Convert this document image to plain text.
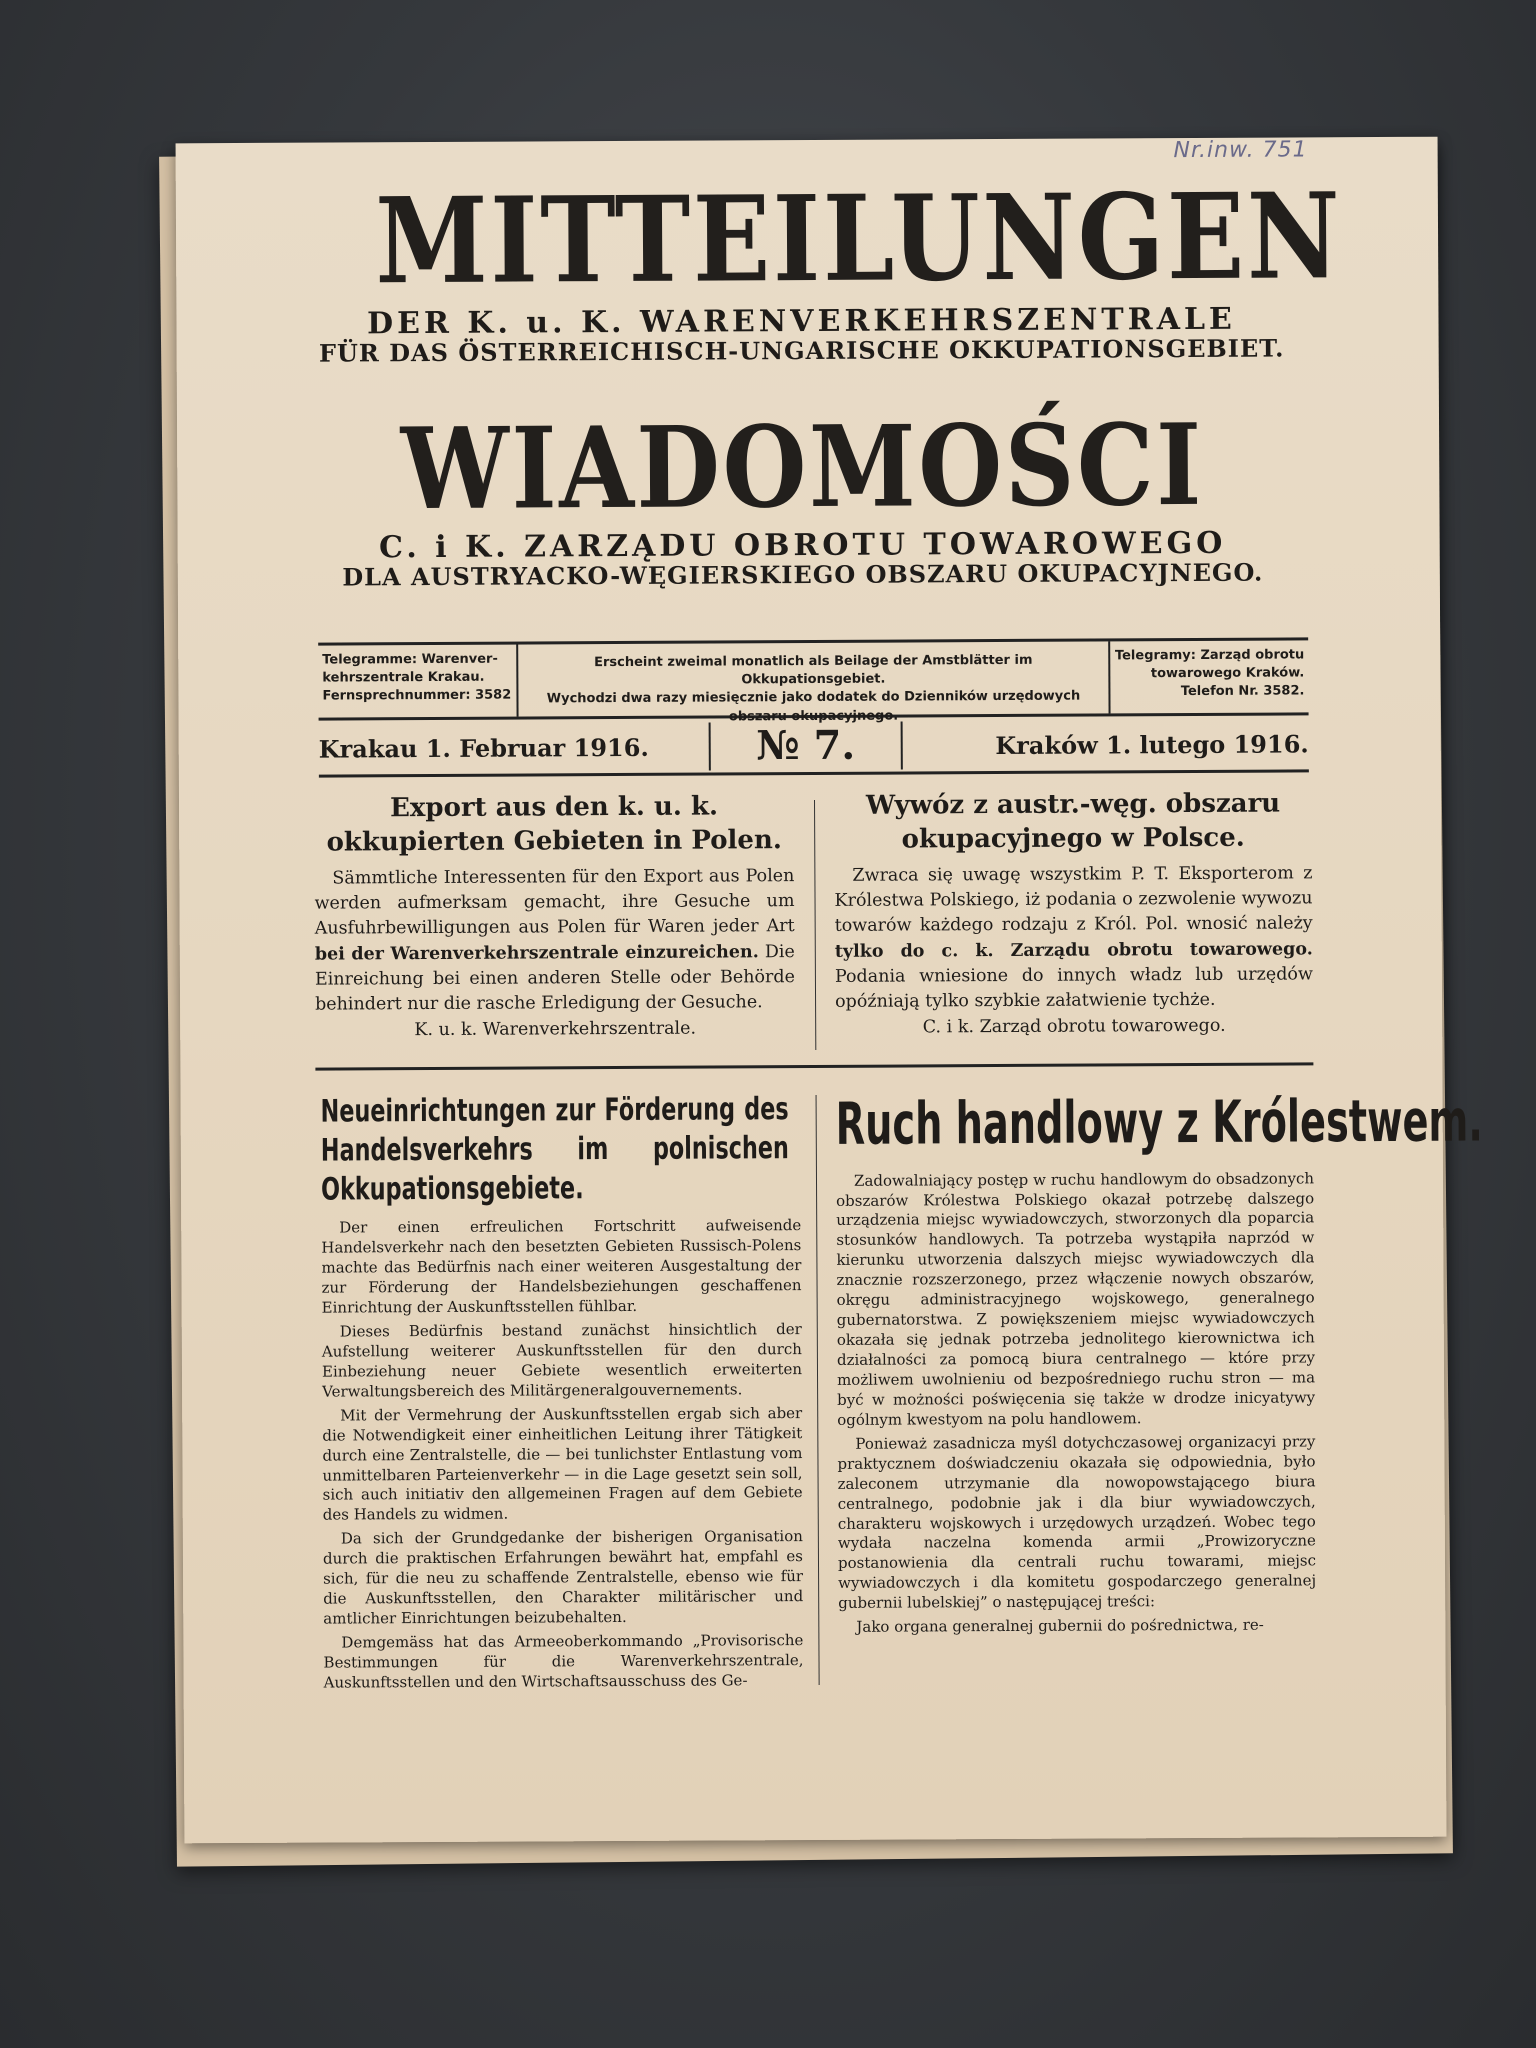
Nr.inw. 751
MITTEILUNGEN
DER K. u. K. WARENVERKEHRSZENTRALE
FÜR DAS ÖSTERREICHISCH-UNGARISCHE OKKUPATIONSGEBIET.
WIADOMOŚCI
C. i K. ZARZĄDU OBROTU TOWAROWEGO
DLA AUSTRYACKO-WĘGIERSKIEGO OBSZARU OKUPACYJNEGO.
Telegramme: Warenver-
kehrszentrale Krakau.
Fernsprechnummer: 3582
Erscheint zweimal monatlich als Beilage der Amstblätter im Okkupationsgebiet.
Wychodzi dwa razy miesięcznie jako dodatek do Dzienników urzędowych obszaru okupacyjnego.
Telegramy: Zarząd obrotu
towarowego Kraków.
Telefon Nr. 3582.
Krakau 1. Februar 1916.	№ 7.	Kraków 1. lutego 1916.
Export aus den k. u. k. okkupierten Gebieten in Polen.

Sämmtliche Interessenten für den Export aus Polen werden aufmerksam gemacht, ihre Gesuche um Ausfuhrbewilligungen aus Polen für Waren jeder Art bei der Warenverkehrszentrale einzureichen. Die Einreichung bei einen anderen Stelle oder Behörde behindert nur die rasche Erledigung der Gesuche.

K. u. k. Warenverkehrszentrale.

Wywóz z austr.-węg. obszaru okupacyjnego w Polsce.

Zwraca się uwagę wszystkim P. T. Eksporterom z Królestwa Polskiego, iż podania o zezwolenie wywozu towarów każdego rodzaju z Król. Pol. wnosić należy tylko do c. k. Zarządu obrotu towarowego. Podania wniesione do innych władz lub urzędów opóźniają tylko szybkie załatwienie tychże.

C. i k. Zarząd obrotu towarowego.

Neueinrichtungen zur Förderung des Handelsverkehrs im polnischen Okkupationsgebiete.

Der einen erfreulichen Fortschritt aufweisende Handelsverkehr nach den besetzten Gebieten Russisch-Polens machte das Bedürfnis nach einer weiteren Ausgestaltung der zur Förderung der Handelsbeziehungen geschaffenen Einrichtung der Auskunftsstellen fühlbar.

Dieses Bedürfnis bestand zunächst hinsichtlich der Aufstellung weiterer Auskunftsstellen für den durch Einbeziehung neuer Gebiete wesentlich erweiterten Verwaltungsbereich des Militärgeneralgouvernements.

Mit der Vermehrung der Auskunftsstellen ergab sich aber die Notwendigkeit einer einheitlichen Leitung ihrer Tätigkeit durch eine Zentralstelle, die — bei tunlichster Entlastung vom unmittelbaren Parteienverkehr — in die Lage gesetzt sein soll, sich auch initiativ den allgemeinen Fragen auf dem Gebiete des Handels zu widmen.

Da sich der Grundgedanke der bisherigen Organisation durch die praktischen Erfahrungen bewährt hat, empfahl es sich, für die neu zu schaffende Zentralstelle, ebenso wie für die Auskunftsstellen, den Charakter militärischer und amtlicher Einrichtungen beizubehalten.

Demgemäss hat das Armeeoberkommando „Provisorische Bestimmungen für die Warenverkehrszentrale, Auskunftsstellen und den Wirtschaftsausschuss des Ge-

Ruch handlowy z Królestwem.

Zadowalniający postęp w ruchu handlowym do obsadzonych obszarów Królestwa Polskiego okazał potrzebę dalszego urządzenia miejsc wywiadowczych, stworzonych dla poparcia stosunków handlowych. Ta potrzeba wystąpiła naprzód w kierunku utworzenia dalszych miejsc wywiadowczych dla znacznie rozszerzonego, przez włączenie nowych obszarów, okręgu administracyjnego wojskowego, generalnego gubernatorstwa. Z powiększeniem miejsc wywiadowczych okazała się jednak potrzeba jednolitego kierownictwa ich działalności za pomocą biura centralnego — które przy możliwem uwolnieniu od bezpośredniego ruchu stron — ma być w możności poświęcenia się także w drodze inicyatywy ogólnym kwestyom na polu handlowem.

Ponieważ zasadnicza myśl dotychczasowej organizacyi przy praktycznem doświadczeniu okazała się odpowiednia, było zaleconem utrzymanie dla nowopowstającego biura centralnego, podobnie jak i dla biur wywiadowczych, charakteru wojskowych i urzędowych urządzeń. Wobec tego wydała naczelna komenda armii „Prowizoryczne postanowienia dla centrali ruchu towarami, miejsc wywiadowczych i dla komitetu gospodarczego generalnej gubernii lubelskiej” o następującej treści:

Jako organa generalnej gubernii do pośrednictwa, re-
